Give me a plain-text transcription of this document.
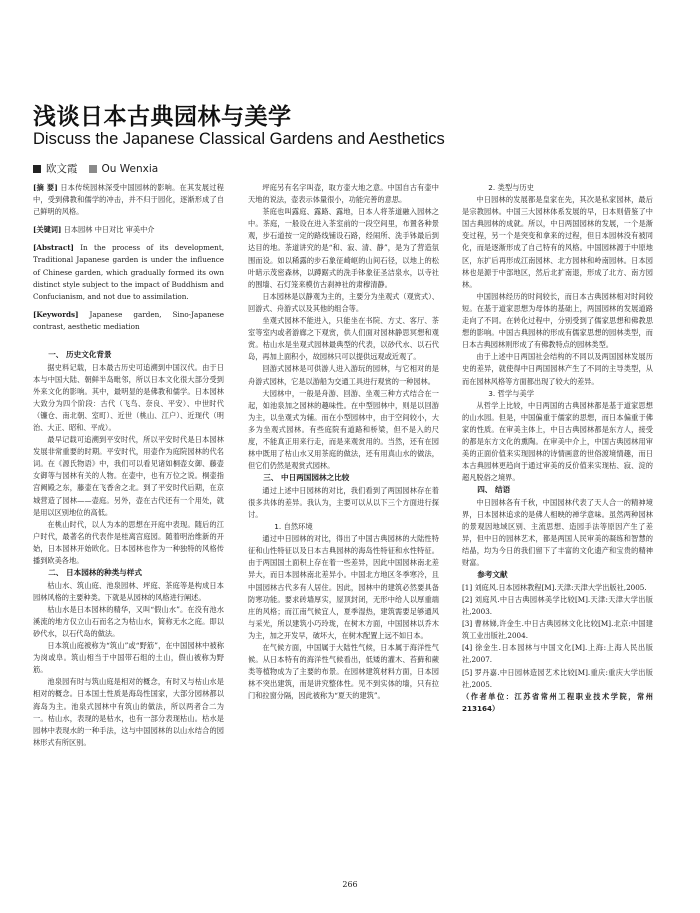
浅谈日本古典园林与美学
Discuss the Japanese Classical Gardens and Aesthetics
欧文霞 Ou Wenxia

[摘 要] 日本传统园林深受中国园林的影响。在其发展过程中，受到佛教和儒学的冲击，并不归于园化，逐渐形成了自己鲜明的风格。

[关键词] 日本园林 中日对比 审美中介

[Abstract] In the process of its development, Traditional Japanese garden is under the influence of Chinese garden, which gradually formed its own distinct style subject to the impact of Buddhism and Confucianism, and not due to assimilation.

[Keywords] Japanese garden, Sino-Japanese contrast, aesthetic mediation

一、 历史文化背景

据史料记载，日本最古历史可追溯到中国汉代。由于日本与中国大陆、朝鲜半岛毗邻，所以日本文化很大部分受到外来文化的影响。其中，最明显的是佛教和儒学。日本园林大致分为四个阶段：古代（飞鸟、奈良、平安）、中世时代（镰仓、南北朝、室町）、近世（桃山、江户）、近现代（明治、大正、昭和、平成）。

最早记载可追溯到平安时代，所以平安时代是日本园林发展非常重要的时期。平安时代，用壶作为庭院园林的代名词。在《源氏物语》中，我们可以看见诸如桐壶女御、藤壶女御等与园林有关的人物。在壶中，也有万位之说。桐壶指宫阙殿之东，藤壶在飞香舍之北。到了平安时代后期，在京城营造了园林——壶庭。另外，壶在古代还有一个用处，就是用以区别地位的高低。

在桃山时代，以人为本的思想在开庭中表现。随后的江户时代，最著名的代表作是桂离宫庭园。随着明治维新的开始，日本园林开始欧化。日本园林也作为一种独特的风格传播到欧美各地。

二、 日本园林的种类与样式

枯山水、筑山庭、池泉园林、坪庭、茶庭等是构成日本园林风格的主要种类。下就是从园林的风格进行阐述。

枯山水是日本园林的精华，又叫“假山水”。在没有池水溪流的地方仅立山石而名之为枯山水，简称无水之庭。即以砂代水，以石代岛的做法。

日本筑山庭被称为“筑山”或“野筋”，在中国园林中被称为岗或阜。筑山相当于中国带石组的土山，假山被称为野筋。

池泉园有时与筑山庭是相对的概念，有时又与枯山水是相对的概念。日本国土性质是海岛性国家，大部分园林都以海岛为主。池泉式园林中有筑山的做法，所以两者合二为一。枯山水，表现的是枯水，也有一部分表现枯山。枯水是园林中表现水的一种手法，这与中国园林的以山水结合的园林形式有所区别。

坪庭另有名字叫壶，取方壶大地之意。中国自古有壶中天地的说法，壶表示体量很小，功能完善的意思。

茶庭也叫露庭、露路、露地，日本人将茶道融入园林之中。茶庭，一般设在进入茶室前的一段空间里，布置各种景观，步石道按一定的路线铺设石路，经闹所、洗手钵最后到达目的地。茶道讲究的是“和、寂、清、静”，是为了营造氛围而设。如以稀露的步石象征崎岖的山间石径，以地上的松叶暗示茂密森林，以蹲踞式的洗手钵象征圣洁泉水，以寺社的围墙、石灯笼来模仿古刹神社的肃穆清静。

日本园林是以静观为主的，主要分为坐观式（观赏式）、回游式、舟游式以及其他的组合等。

坐观式园林不能进入，只能坐在书院、方丈、客厅、茶室等室内或者游廊之下观赏，供人们面对园林静思冥想和观赏。枯山水是坐观式园林最典型的代表，以砂代水、以石代岛，再加上面积小，故园林只可以提供远观或近观了。

回游式园林是可供游人进入游玩的园林，与它相对的是舟游式园林，它是以游船为交通工具进行观赏的一种园林。

大园林中，一般是舟游、回游、坐观三种方式结合在一起，如池泉加之园林的趣味性。在中型园林中，则是以回游为主，以坐观式为辅。而在小型园林中，由于空间较小，大多为坐观式园林。有些庭院有道路和桥梁，但不是入的尺度，不能真正用来行走，而是来观赏用的。当然，还有在园林中既用了枯山水又用茶庭的做法，还有用真山水的做法，但它们仍然是观赏式园林。

三、 中日两国园林之比较

通过上述中日园林的对比，我们看到了两国园林存在着很多共体的差异。我认为，主要可以从以下三个方面进行探讨。

1. 自然环境

通过中日园林的对比，得出了中国古典园林的大陆性特征和山性特征以及日本古典园林的海岛性特征和水性特征。由于两国国土面积上存在着一些差异，因此中国园林南北差异大，而日本园林南北差异小。中国北方地区冬季寒冷，且中国园林古代多有人居住。因此，园林中的建筑必然要具备防寒功能。要求砖墙厚实，屋顶封闭，无形中给人以厚重端庄的风格；而江南气候宜人，夏季湿热，建筑需要足够通风与采光，所以建筑小巧玲珑，在树木方面，中国园林以乔木为主，加之开发早，破坏大，在树木配置上远不如日本。

在气候方面，中国属于大陆性气候，日本属于海洋性气候。从日本特有的海洋性气候看出，低矮的灌木、苔藓和蕨类等植物成为了主要的布景。在园林建筑材料方面，日本园林不突出建筑，而是讲究整体性。见不到实体的墙，只有拉门和拉窗分隔，因此被称为“夏天的建筑”。

2. 类型与历史

中日园林的发展都是皇家在先，其次是私家园林，最后是宗教园林。中国三大园林体系发展的早，日本则借鉴了中国古典园林的成就。所以，中日两国园林的发展，一个是渐变过程，另一个是突变和拿来的过程，但日本园林没有被同化，而是逐渐形成了自己特有的风格。中国园林源于中原地区，东扩后再形成江南园林、北方园林和岭南园林。日本园林也是源于中部地区，然后北扩南退，形成了北方、南方园林。

中国园林经历的时间较长，而日本古典园林相对时间较短。在基于道家思想为母体的基础上，两国园林的发展道路走向了不同。在转化过程中，分别受到了儒家思想和佛教思想的影响。中国古典园林的形成有儒家思想的园林类型，而日本古典园林则形成了有佛教特点的园林类型。

由于上述中日两国社会结构的不同以及两国园林发展历史的差异，就使得中日两国园林产生了不同的主导类型，从而在园林风格等方面都出现了较大的差异。

3. 哲学与美学

从哲学上比较，中日两国的古典园林都是基于道家思想的山水园。但是，中国偏重于儒家的思想，而日本偏重于佛家的性质。在审美主体上，中日古典园林都是东方人，接受的都是东方文化的熏陶。在审美中介上，中国古典园林用审美的正面价值来实现园林的诗情画意的世俗渡境情趣，而日本古典园林更趋向于通过审美的反价值来实现枯、寂、淀的超凡脱俗之境界。

四、 结语

中日园林各有千秋，中国园林代表了天人合一的精神境界，日本园林追求的是佛人相映的禅学意味。虽然两种园林的景观因地域区别、主流思想、造园手法等原因产生了差异，但中日的园林艺术，都是两国人民审美的凝练和智慧的结晶，均为今日的我们留下了丰富的文化遗产和宝贵的精神财富。

参考文献

[1] 刘庭风.日本园林教程[M].天津:天津大学出版社,2005.

[2] 刘庭风.中日古典园林美学比较[M].天津:天津大学出版社,2003.

[3] 曹林娣,许金生.中日古典园林文化比较[M].北京:中国建筑工业出版社,2004.

[4] 徐金生.日本园林与中国文化[M].上海:上海人民出版社,2007.

[5] 罗丹嘉.中日园林造园艺术比较[M].重庆:重庆大学出版社,2005.

（作者单位：江苏省常州工程职业技术学院，常州 213164）

266
